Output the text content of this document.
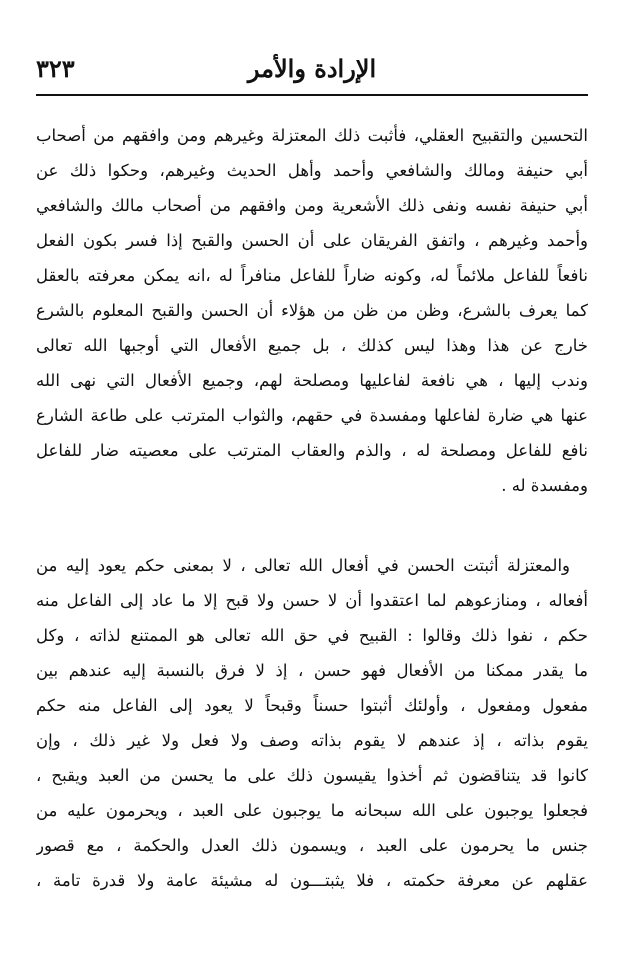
الإرادة والأمر
٣٢٣
التحسين والتقبيح العقلي، فأثبت ذلك المعتزلة وغيرهم ومن وافقهم من أصحاب
أبي حنيفة ومالك والشافعي وأحمد وأهل الحديث وغيرهم، وحكوا ذلك عن
أبي حنيفة نفسه ونفى ذلك الأشعرية ومن وافقهم من أصحاب مالك والشافعي
وأحمد وغيرهم ، واتفق الفريقان على أن الحسن والقبح إذا فسر بكون الفعل
نافعاً للفاعل ملائماً له، وكونه ضاراً للفاعل منافراً له ،انه يمكن معرفته بالعقل
كما يعرف بالشرع، وظن من ظن من هؤلاء أن الحسن والقبح المعلوم بالشرع
خارج عن هذا وهذا ليس كذلك ، بل جميع الأفعال التي أوجبها الله تعالى
وندب إليها ، هي نافعة لفاعليها ومصلحة لهم، وجميع الأفعال التي نهى الله
عنها هي ضارة لفاعلها ومفسدة في حقهم، والثواب المترتب على طاعة الشارع
نافع للفاعل ومصلحة له ، والذم والعقاب المترتب على معصيته ضار للفاعل
ومفسدة له .
والمعتزلة أثبتت الحسن في أفعال الله تعالى ، لا بمعنى حكم يعود إليه من
أفعاله ، ومنازعوهم لما اعتقدوا أن لا حسن ولا قبح إلا ما عاد إلى الفاعل منه
حكم ، نفوا ذلك وقالوا : القبيح في حق الله تعالى هو الممتنع لذاته ، وكل
ما يقدر ممكنا من الأفعال فهو حسن ، إذ لا فرق بالنسبة إليه عندهم بين
مفعول ومفعول ، وأولئك أثبتوا حسناً وقبحاً لا يعود إلى الفاعل منه حكم
يقوم بذاته ، إذ عندهم لا يقوم بذاته وصف ولا فعل ولا غير ذلك ، وإن
كانوا قد يتناقضون ثم أخذوا يقيسون ذلك على ما يحسن من العبد ويقبح ،
فجعلوا يوجبون على الله سبحانه ما يوجبون على العبد ، ويحرمون عليه من
جنس ما يحرمون على العبد ، ويسمون ذلك العدل والحكمة ، مع قصور
عقلهم عن معرفة حكمته ، فلا يثبتـــون له مشيئة عامة ولا قدرة تامة ،
